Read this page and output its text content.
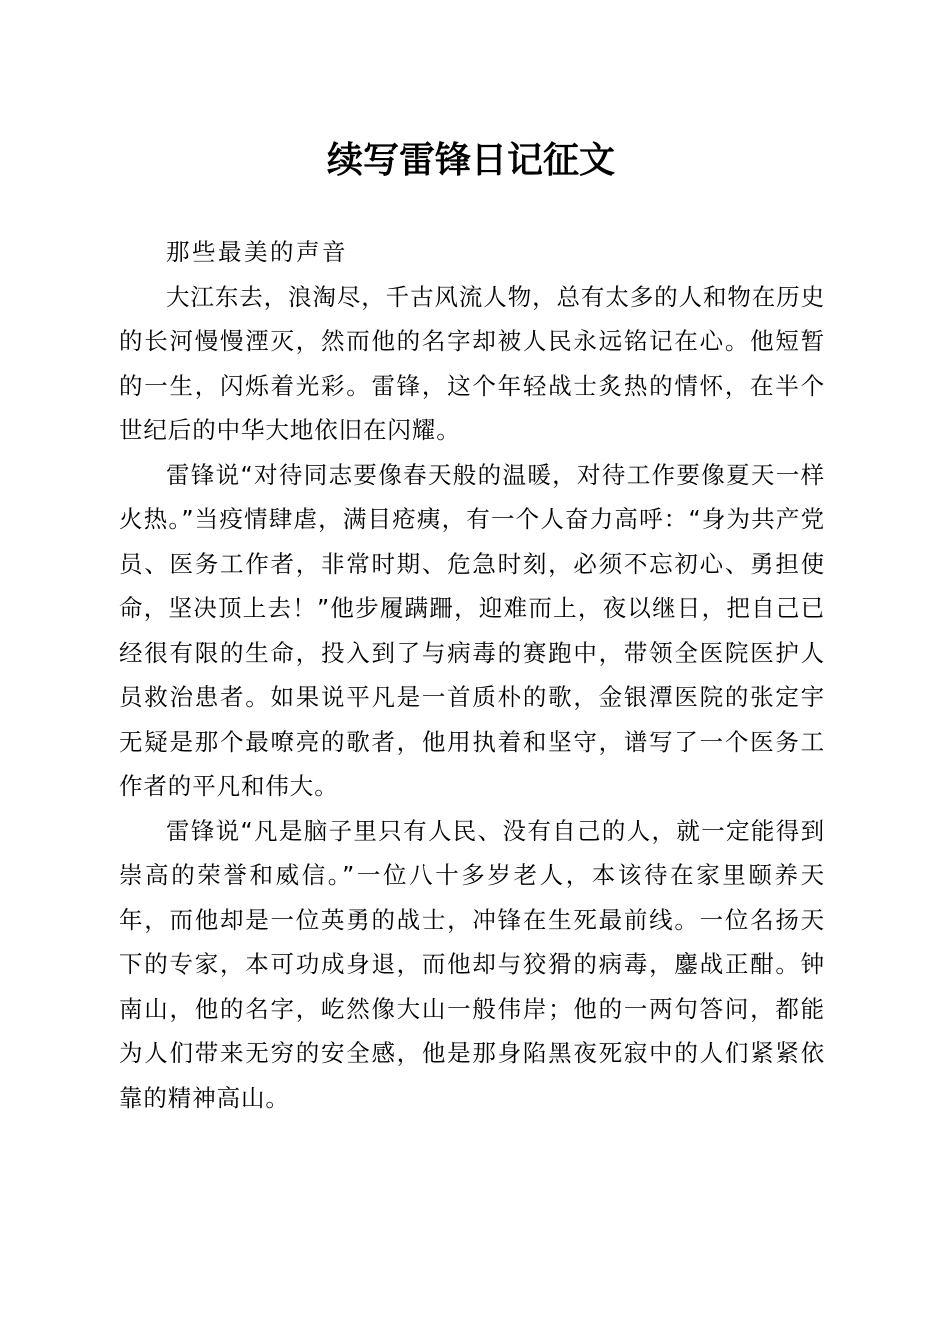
续写雷锋日记征文

那些最美的声音

大江东去，浪淘尽，千古风流人物，总有太多的人和物在历史的长河慢慢湮灭，然而他的名字却被人民永远铭记在心。他短暂的一生，闪烁着光彩。雷锋，这个年轻战士炙热的情怀，在半个世纪后的中华大地依旧在闪耀。

雷锋说“对待同志要像春天般的温暖，对待工作要像夏天一样火热。”当疫情肆虐，满目疮痍，有一个人奋力高呼：“身为共产党员、医务工作者，非常时期、危急时刻，必须不忘初心、勇担使命，坚决顶上去！”他步履蹒跚，迎难而上，夜以继日，把自己已经很有限的生命，投入到了与病毒的赛跑中，带领全医院医护人员救治患者。如果说平凡是一首质朴的歌，金银潭医院的张定宇无疑是那个最嘹亮的歌者，他用执着和坚守，谱写了一个医务工作者的平凡和伟大。

雷锋说“凡是脑子里只有人民、没有自己的人，就一定能得到崇高的荣誉和威信。”一位八十多岁老人，本该待在家里颐养天年，而他却是一位英勇的战士，冲锋在生死最前线。一位名扬天下的专家，本可功成身退，而他却与狡猾的病毒，鏖战正酣。钟南山，他的名字，屹然像大山一般伟岸；他的一两句答问，都能为人们带来无穷的安全感，他是那身陷黑夜死寂中的人们紧紧依靠的精神高山。
